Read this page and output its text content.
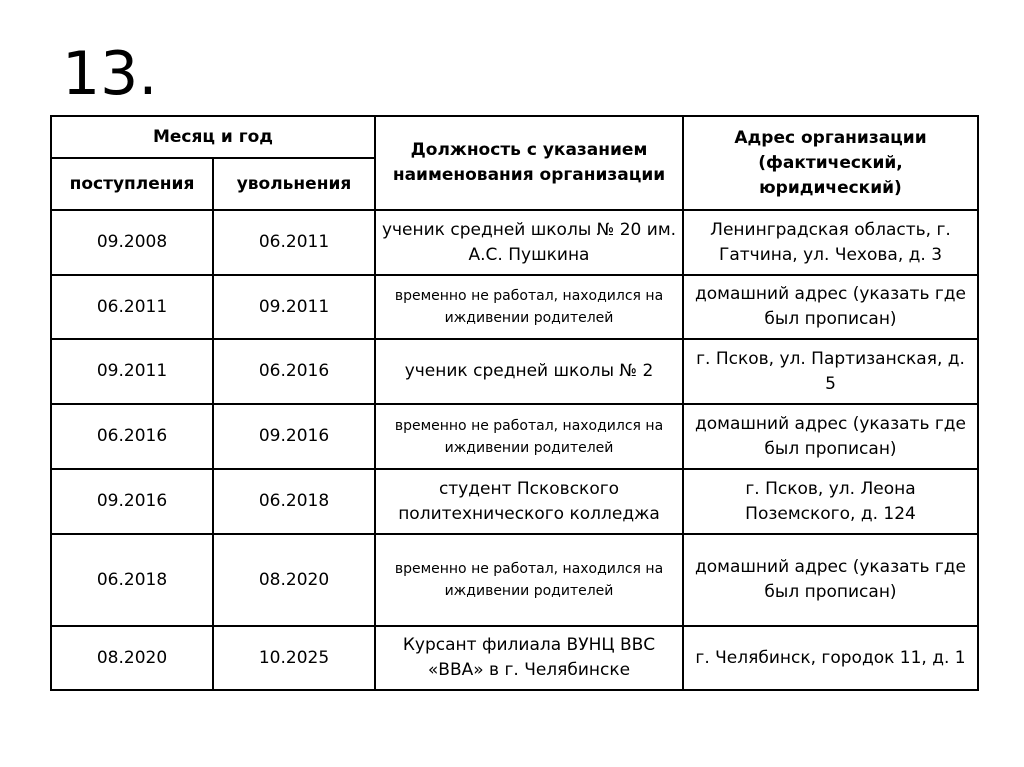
13.
Месяц и год		Должность с указанием наименования организации	Адрес организации (фактический, юридический)
поступления	увольнения		
09.2008	06.2011	ученик средней школы № 20 им. А.С. Пушкина	Ленинградская область, г. Гатчина, ул. Чехова, д. 3
06.2011	09.2011	временно не работал, находился на иждивении родителей	домашний адрес (указать где был прописан)
09.2011	06.2016	ученик средней школы № 2	г. Псков, ул. Партизанская, д. 5
06.2016	09.2016	временно не работал, находился на иждивении родителей	домашний адрес (указать где был прописан)
09.2016	06.2018	студент Псковского политехнического колледжа	г. Псков, ул. Леона Поземского, д. 124
06.2018	08.2020	временно не работал, находился на иждивении родителей	домашний адрес (указать где был прописан)
08.2020	10.2025	Курсант филиала ВУНЦ ВВС «ВВА» в г. Челябинске	г. Челябинск, городок 11, д. 1
